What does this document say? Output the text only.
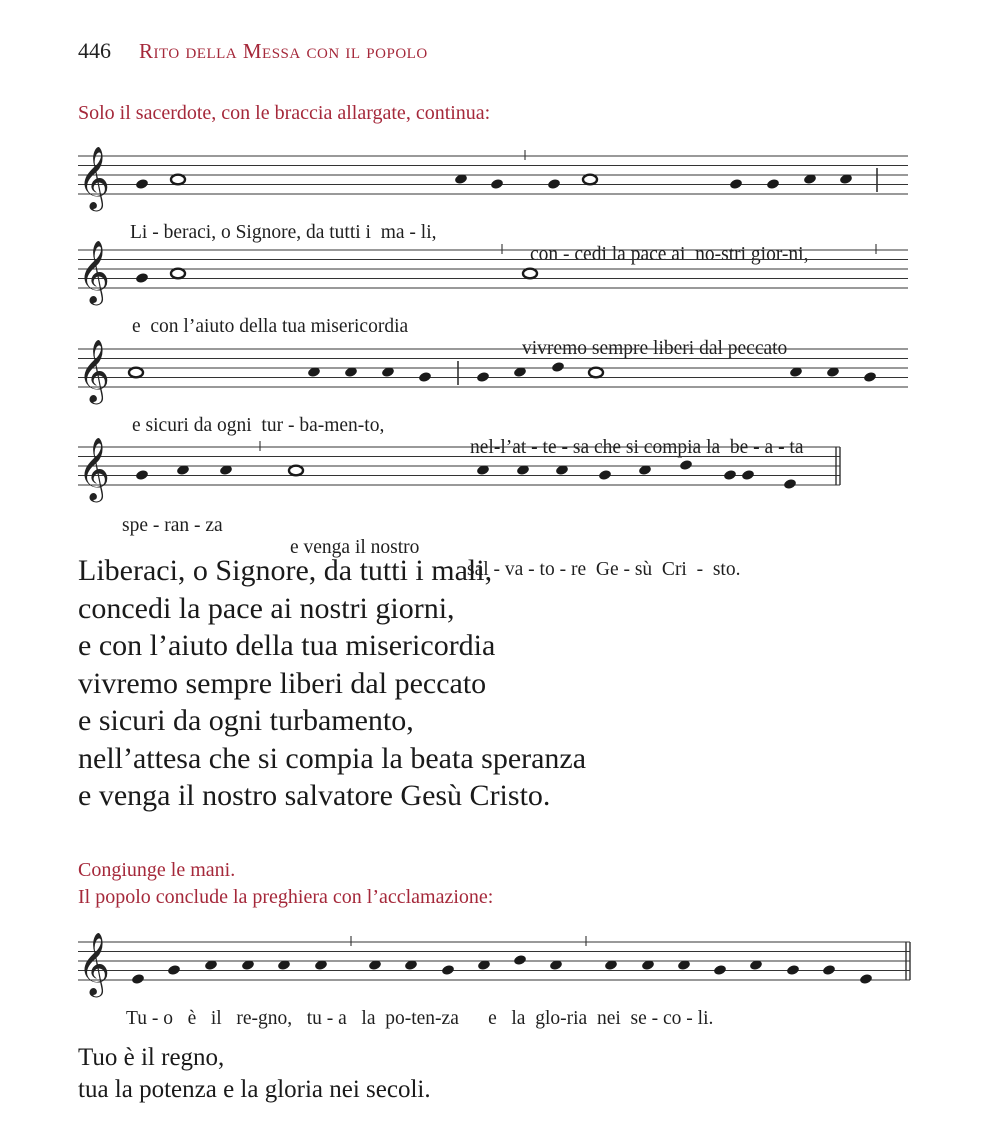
446 Rito della Messa con il popolo
Solo il sacerdote, con le braccia allargate, continua:
𝄞

Li - beraci, o Signore, da tutti i  ma - li,

con - cedi la pace ai  no-stri gior-ni,

𝄞

e  con l’aiuto della tua misericordia

vivremo sempre liberi dal peccato

𝄞

e sicuri da ogni  tur - ba-men-to,

nel-l’at - te - sa che si compia la  be - a - ta

𝄞

spe - ran - za

e venga il nostro

sal - va - to - re  Ge - sù  Cri  -  sto.

Liberaci, o Signore, da tutti i mali,
concedi la pace ai nostri giorni,
e con l’aiuto della tua misericordia
vivremo sempre liberi dal peccato
e sicuri da ogni turbamento,
nell’attesa che si compia la beata speranza
e venga il nostro salvatore Gesù Cristo.
Congiunge le mani.
Il popolo conclude la preghiera con l’acclamazione:
𝄞

Tu - o   è   il   re-gno,   tu - a   la  po-ten-za      e   la  glo-ria  nei  se - co - li.

Tuo è il regno,
tua la potenza e la gloria nei secoli.
